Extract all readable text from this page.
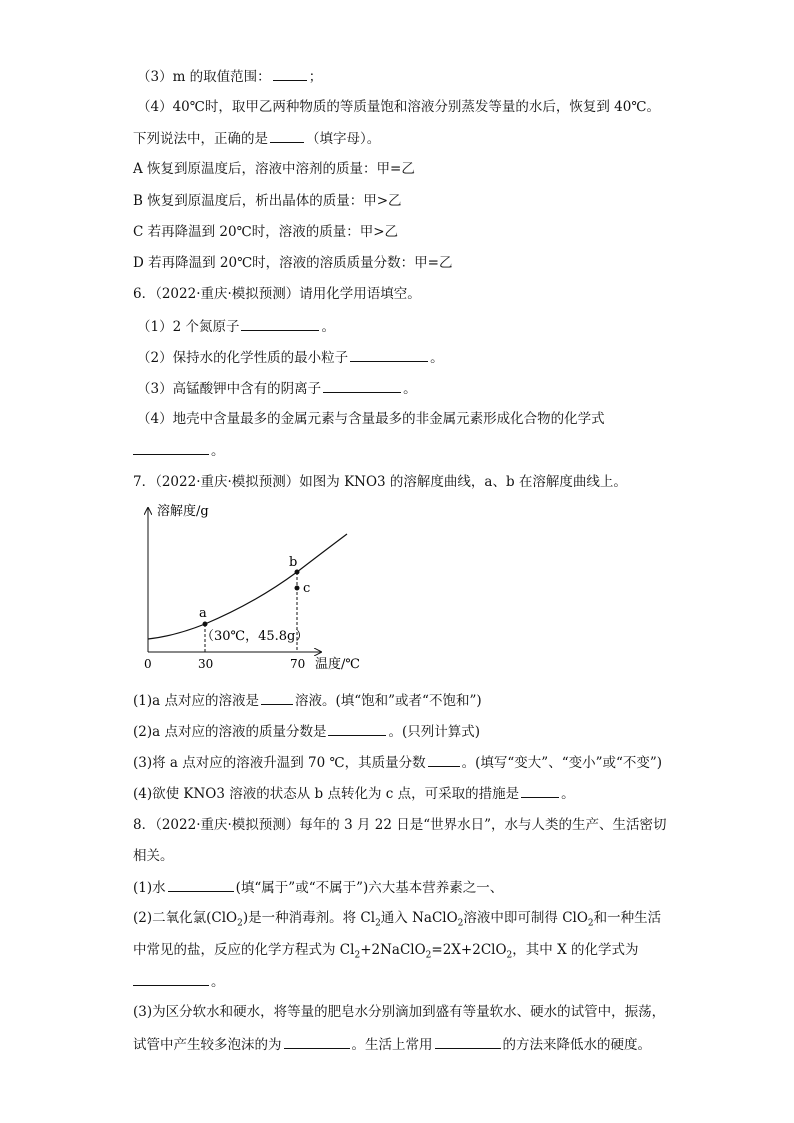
（3）m 的取值范围：	；
（4）40℃时，取甲乙两种物质的等质量饱和溶液分别蒸发等量的水后，恢复到 40℃。
下列说法中，正确的是	（填字母）。
A 恢复到原温度后，溶液中溶剂的质量：甲=乙
B 恢复到原温度后，析出晶体的质量：甲>乙
C 若再降温到 20℃时，溶液的质量：甲>乙
D 若再降温到 20℃时，溶液的溶质质量分数：甲=乙
6．（2022·重庆·模拟预测）请用化学用语填空。
（1）2 个氮原子	。
（2）保持水的化学性质的最小粒子	。
（3）高锰酸钾中含有的阴离子	。
（4）地壳中含量最多的金属元素与含量最多的非金属元素形成化合物的化学式
。
7．（2022·重庆·模拟预测）如图为 KNO3 的溶解度曲线，a、b 在溶解度曲线上。
溶解度/g
温度/℃
a
b
c
（30℃，45.8g）
0	30	70
(1)a 点对应的溶液是	溶液。(填“饱和”或者“不饱和”)
(2)a 点对应的溶液的质量分数是	。(只列计算式)
(3)将 a 点对应的溶液升温到 70 ℃，其质量分数	。(填写“变大”、“变小”或“不变”)
(4)欲使 KNO3 溶液的状态从 b 点转化为 c 点，可采取的措施是	。
8．（2022·重庆·模拟预测）每年的 3 月 22 日是“世界水日”，水与人类的生产、生活密切
相关。
(1)水	(填“属于”或“不属于”)六大基本营养素之一、
(2)二氧化氯(ClO$_2$)是一种消毒剂。将 $Cl_2$通入 NaClO$_2$溶液中即可制得 ClO$_2$和一种生活
中常见的盐，反应的化学方程式为 $Cl_2+2NaClO_2=2X+2ClO_2$，其中 X 的化学式为
。
(3)为区分软水和硬水，将等量的肥皂水分别滴加到盛有等量软水、硬水的试管中，振荡，
试管中产生较多泡沫的为	。生活上常用	的方法来降低水的硬度。
